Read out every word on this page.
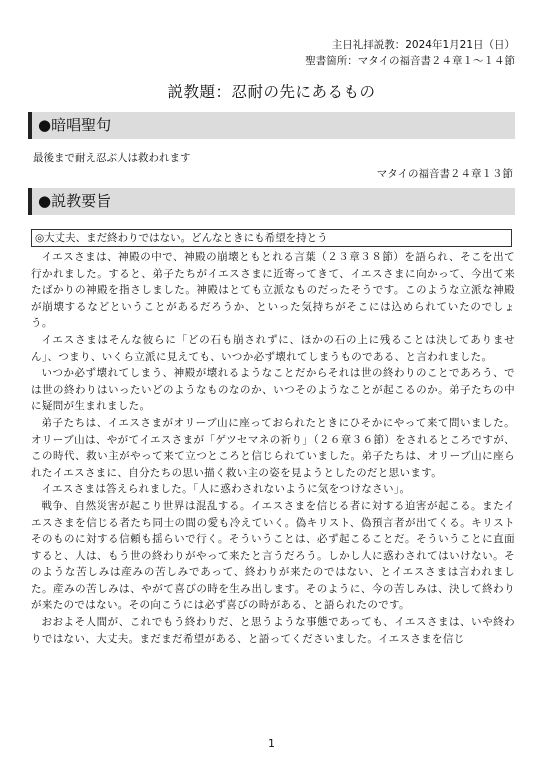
主日礼拝説教：2024年1月21日（日）
聖書箇所：マタイの福音書２４章１～１４節
説教題：忍耐の先にあるもの
●暗唱聖句
最後まで耐え忍ぶ人は救われます
マタイの福音書２４章１３節
●説教要旨
◎大丈夫、まだ終わりではない。どんなときにも希望を持とう

イエスさまは、神殿の中で、神殿の崩壊ともとれる言葉（２３章３８節）を語られ、そこを出て行かれました。すると、弟子たちがイエスさまに近寄ってきて、イエスさまに向かって、今出て来たばかりの神殿を指さしました。神殿はとても立派なものだったそうです。このような立派な神殿が崩壊するなどということがあるだろうか、といった気持ちがそこには込められていたのでしょう。

イエスさまはそんな彼らに「どの石も崩されずに、ほかの石の上に残ることは決してありません」、つまり、いくら立派に見えても、いつか必ず壊れてしまうものである、と言われました。

いつか必ず壊れてしまう、神殿が壊れるようなことだからそれは世の終わりのことであろう、では世の終わりはいったいどのようなものなのか、いつそのようなことが起こるのか。弟子たちの中に疑問が生まれました。

弟子たちは、イエスさまがオリーブ山に座っておられたときにひそかにやって来て問いました。オリーブ山は、やがてイエスさまが「ゲツセマネの祈り」（２６章３６節）をされるところですが、この時代、救い主がやって来て立つところと信じられていました。弟子たちは、オリーブ山に座られたイエスさまに、自分たちの思い描く救い主の姿を見ようとしたのだと思います。

イエスさまは答えられました。「人に惑わされないように気をつけなさい」。

戦争、自然災害が起こり世界は混乱する。イエスさまを信じる者に対する迫害が起こる。またイエスさまを信じる者たち同士の間の愛も冷えていく。偽キリスト、偽預言者が出てくる。キリストそのものに対する信頼も揺らいで行く。そういうことは、必ず起こることだ。そういうことに直面すると、人は、もう世の終わりがやって来たと言うだろう。しかし人に惑わされてはいけない。そのような苦しみは産みの苦しみであって、終わりが来たのではない、とイエスさまは言われました。産みの苦しみは、やがて喜びの時を生み出します。そのように、今の苦しみは、決して終わりが来たのではない。その向こうには必ず喜びの時がある、と語られたのです。

おおよそ人間が、これでもう終わりだ、と思うような事態であっても、イエスさまは、いや終わりではない、大丈夫。まだまだ希望がある、と語ってくださいました。イエスさまを信じ

1
